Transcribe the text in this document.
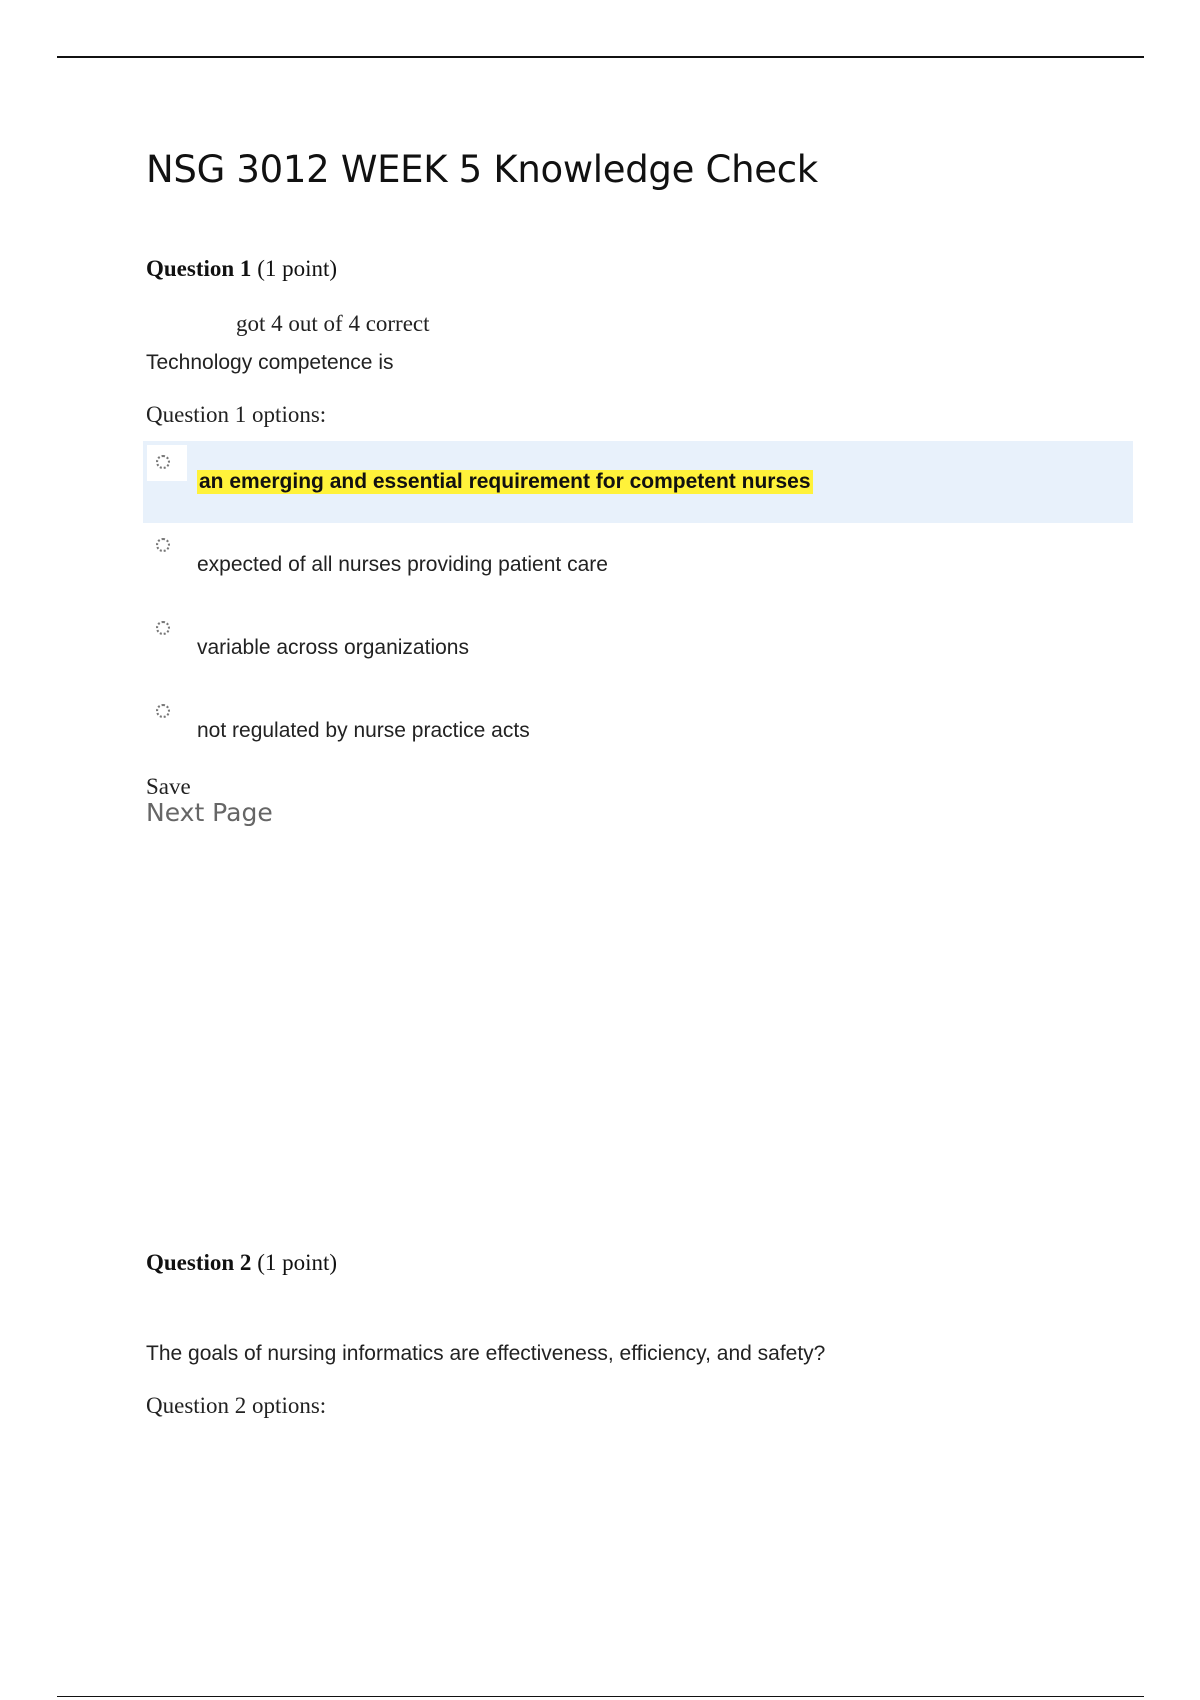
NSG 3012 WEEK 5 Knowledge Check
Question 1 (1 point)
got 4 out of 4 correct
Technology competence is
Question 1 options:
an emerging and essential requirement for competent nurses
expected of all nurses providing patient care
variable across organizations
not regulated by nurse practice acts
Save
Next Page
Question 2 (1 point)
The goals of nursing informatics are effectiveness, efficiency, and safety?
Question 2 options:
